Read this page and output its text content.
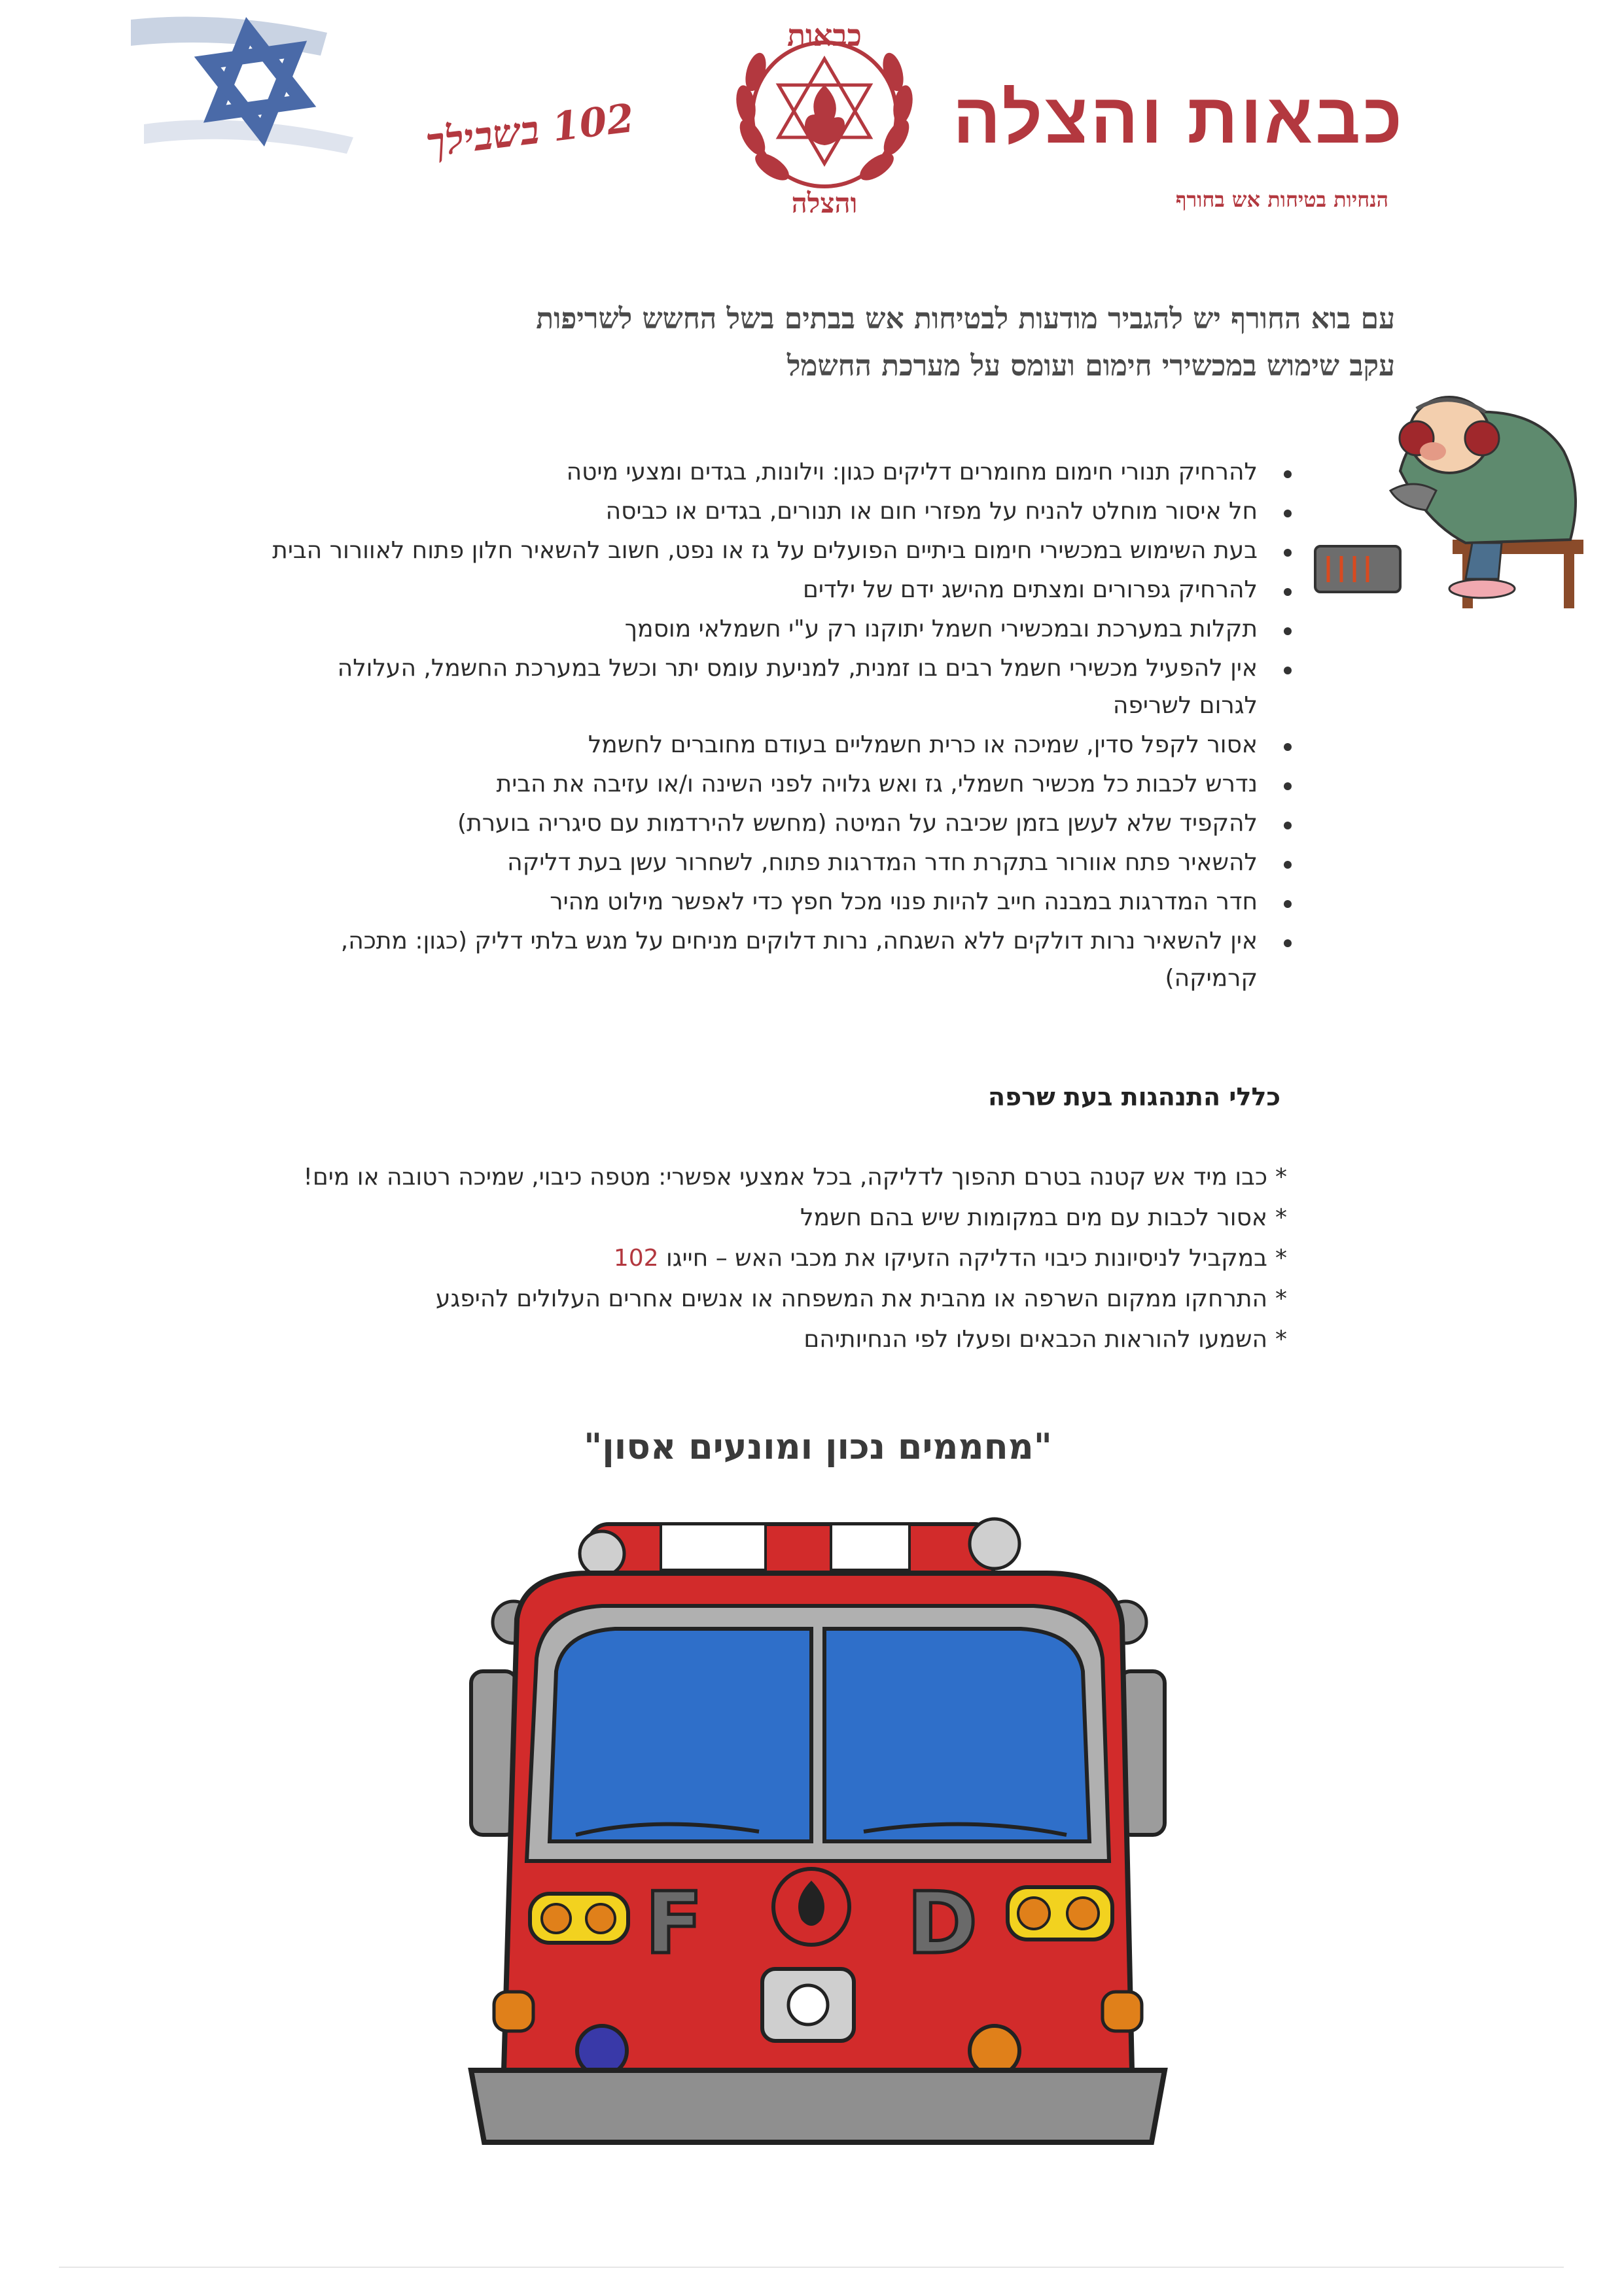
102 בשבילך
כבאות
והצלה
כבאות והצלה
הנחיות בטיחות אש בחורף
עם בוא החורף יש להגביר מודעות לבטיחות אש בבתים בשל החשש לשריפות
עקב שימוש במכשירי חימום ועומס על מערכת החשמל
להרחיק תנורי חימום מחומרים דליקים כגון: וילונות, בגדים ומצעי מיטה
חל איסור מוחלט להניח על מפזרי חום או תנורים, בגדים או כביסה
בעת השימוש במכשירי חימום ביתיים הפועלים על גז או נפט, חשוב להשאיר חלון פתוח לאוורור הבית
להרחיק גפרורים ומצתים מהישג ידם של ילדים
תקלות במערכת ובמכשירי חשמל יתוקנו רק ע"י חשמלאי מוסמך
אין להפעיל מכשירי חשמל רבים בו זמנית, למניעת עומס יתר וכשל במערכת החשמל, העלולה לגרום לשריפה
אסור לקפל סדין, שמיכה או כרית חשמליים בעודם מחוברים לחשמל
נדרש לכבות כל מכשיר חשמלי, גז ואש גלויה לפני השינה ו/או עזיבה את הבית
להקפיד שלא לעשן בזמן שכיבה על המיטה (מחשש להירדמות עם סיגריה בוערת)
להשאיר פתח אוורור בתקרת חדר המדרגות פתוח, לשחרור עשן בעת דליקה
חדר המדרגות במבנה חייב להיות פנוי מכל חפץ כדי לאפשר מילוט מהיר
אין להשאיר נרות דולקים ללא השגחה, נרות דלוקים מניחים על מגש בלתי דליק (כגון: מתכה, קרמיקה)
כללי התנהגות בעת שרפה
* כבו מיד אש קטנה בטרם תהפוך לדליקה, בכל אמצעי אפשרי: מטפה כיבוי, שמיכה רטובה או מים!
* אסור לכבות עם מים במקומות שיש בהם חשמל
* במקביל לניסיונות כיבוי הדליקה הזעיקו את מכבי האש – חייגו 102
* התרחקו ממקום השרפה או מהבית את המשפחה או אנשים אחרים העלולים להיפגע
* השמעו להוראות הכבאים ופעלו לפי הנחיותיהם
"מחממים נכון ומונעים אסון"
F D
